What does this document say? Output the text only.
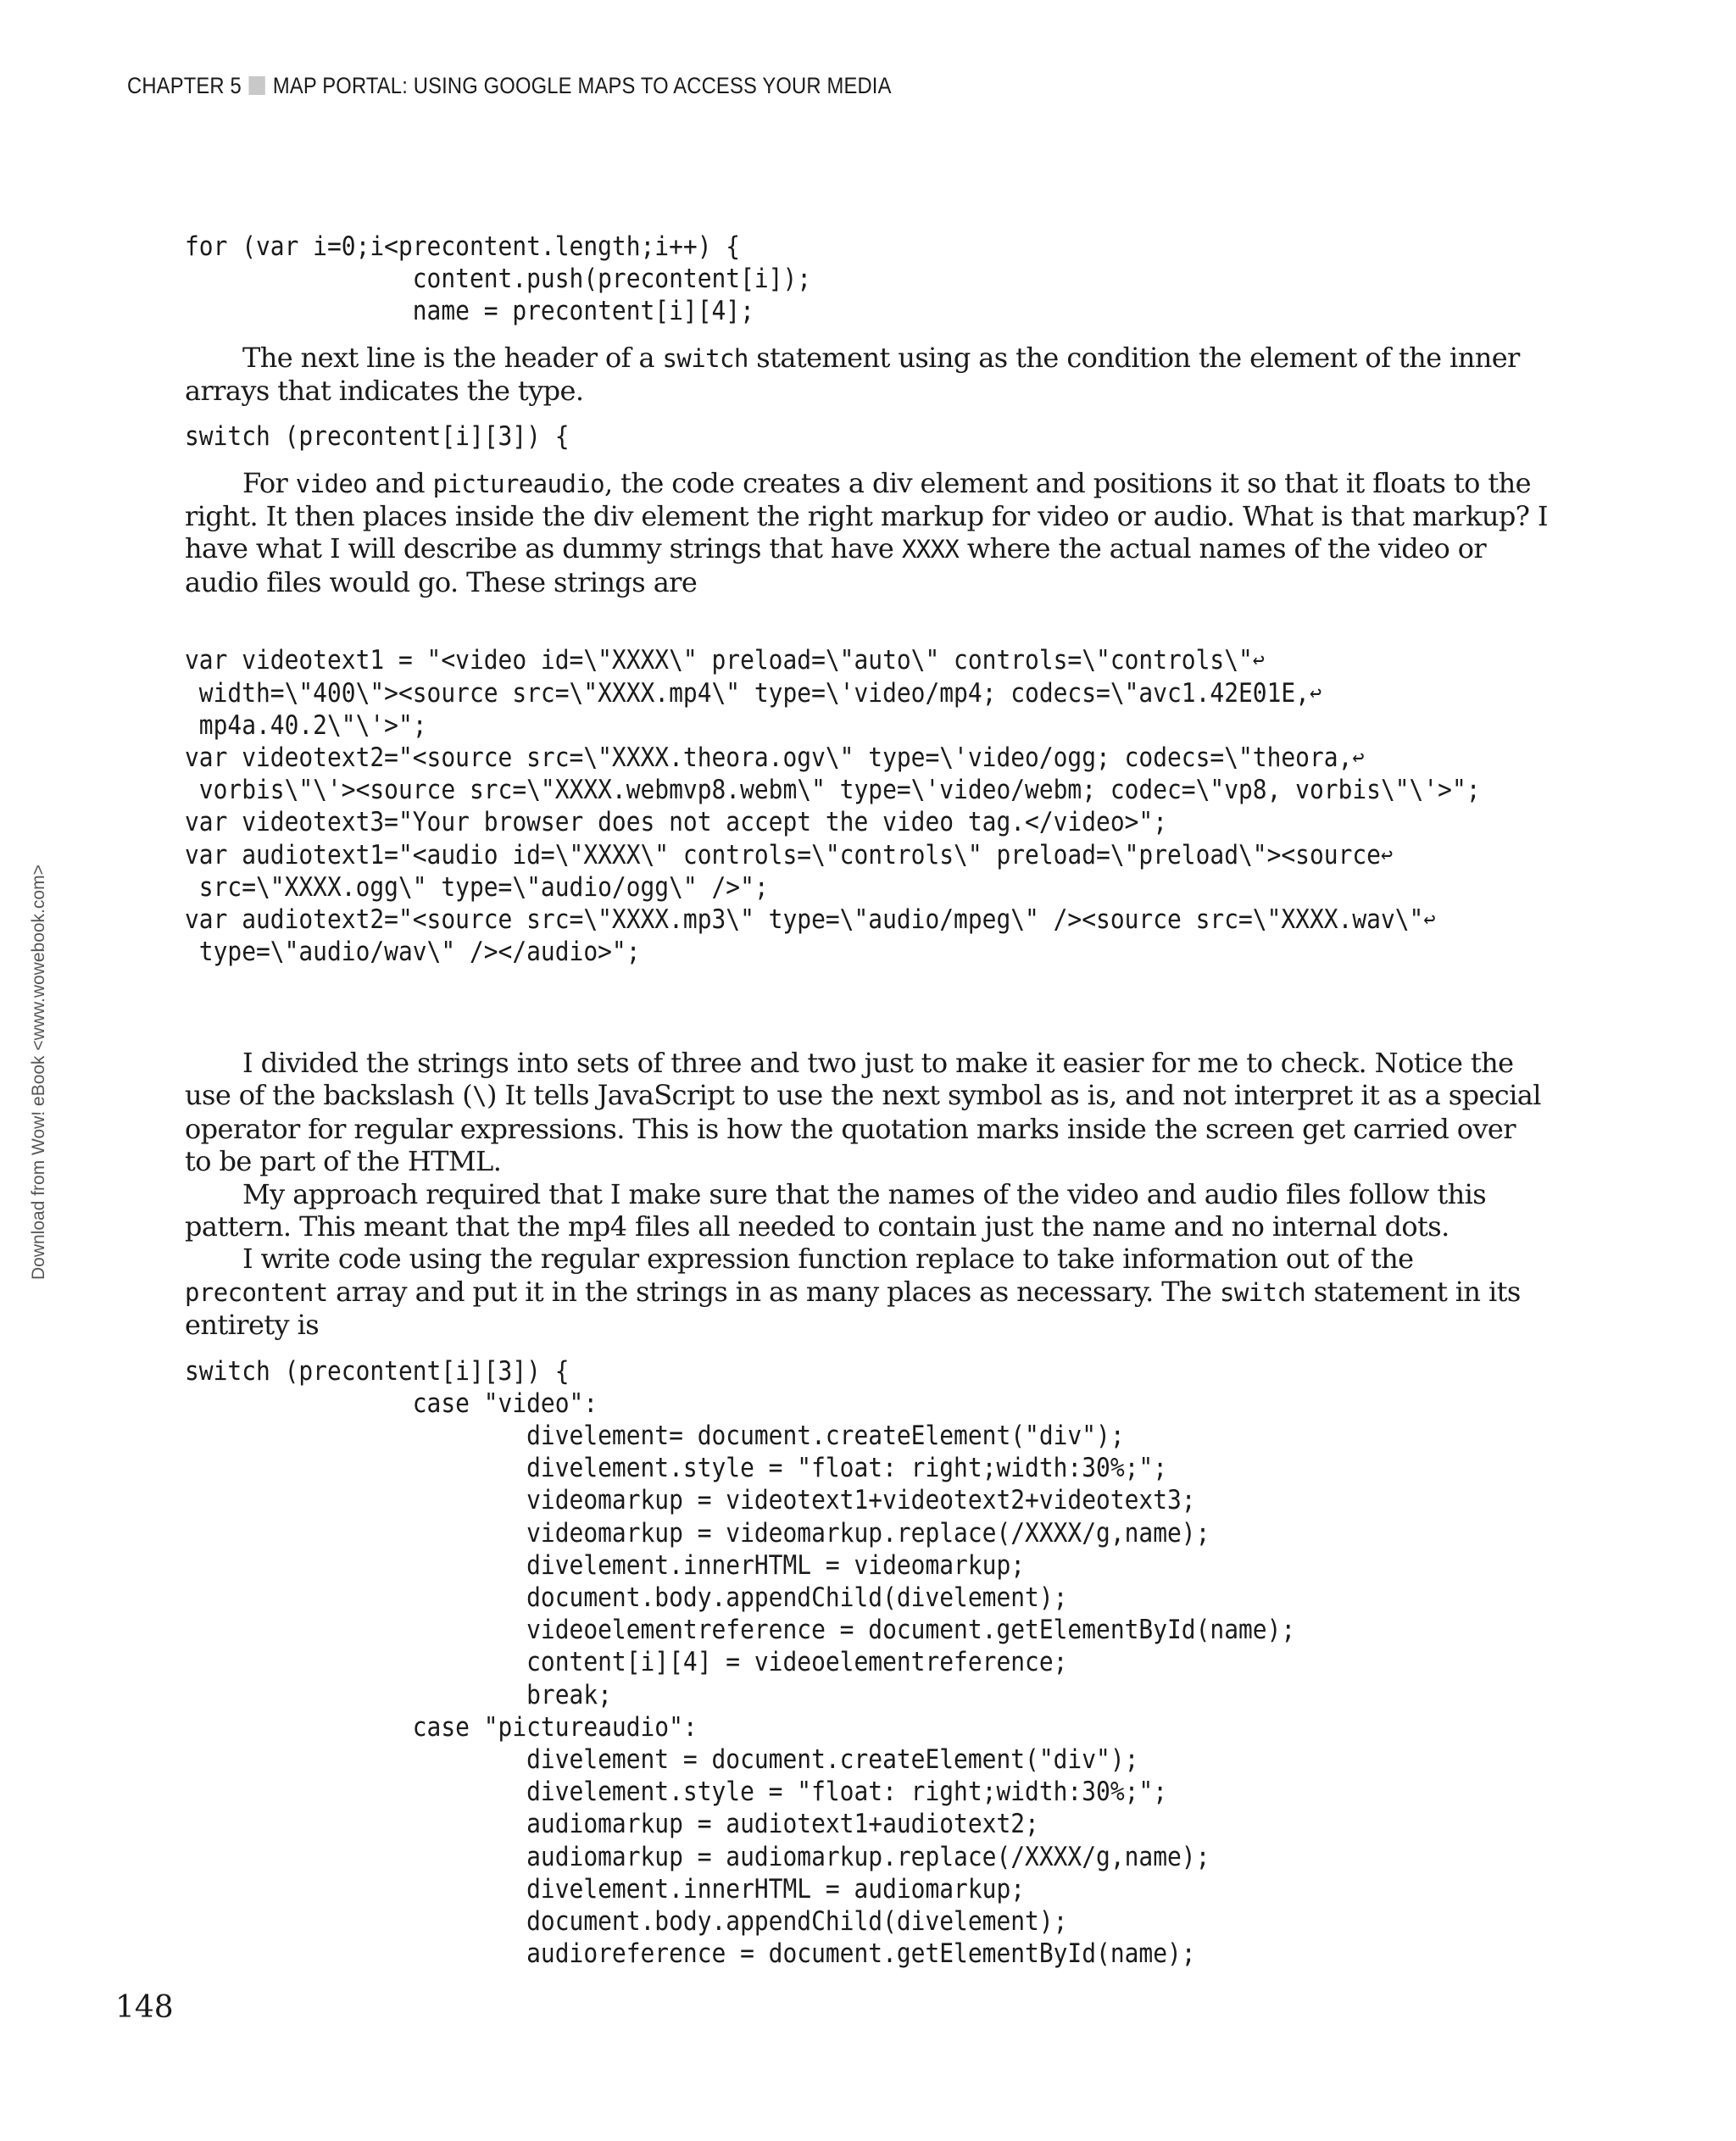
CHAPTER 5 MAP PORTAL: USING GOOGLE MAPS TO ACCESS YOUR MEDIA
Download from Wow! eBook <www.wowebook.com>
for (var i=0;i<precontent.length;i++) {
content.push(precontent[i]);
name = precontent[i][4];

The next line is the header of a switch statement using as the condition the element of the inner arrays that indicates the type.

switch (precontent[i][3]) {

For video and pictureaudio, the code creates a div element and positions it so that it floats to the right. It then places inside the div element the right markup for video or audio. What is that markup? I have what I will describe as dummy strings that have XXXX where the actual names of the video or audio files would go. These strings are

var videotext1 = "<video id=\"XXXX\" preload=\"auto\" controls=\"controls\"↩
width=\"400\"><source src=\"XXXX.mp4\" type=\'video/mp4; codecs=\"avc1.42E01E,↩
mp4a.40.2\"\'>";
var videotext2="<source src=\"XXXX.theora.ogv\" type=\'video/ogg; codecs=\"theora,↩
vorbis\"\'><source src=\"XXXX.webmvp8.webm\" type=\'video/webm; codec=\"vp8, vorbis\"\'>";
var videotext3="Your browser does not accept the video tag.</video>";
var audiotext1="<audio id=\"XXXX\" controls=\"controls\" preload=\"preload\"><source↩
src=\"XXXX.ogg\" type=\"audio/ogg\" />";
var audiotext2="<source src=\"XXXX.mp3\" type=\"audio/mpeg\" /><source src=\"XXXX.wav\"↩
type=\"audio/wav\" /></audio>";

I divided the strings into sets of three and two just to make it easier for me to check. Notice the use of the backslash (\) It tells JavaScript to use the next symbol as is, and not interpret it as a special operator for regular expressions. This is how the quotation marks inside the screen get carried over to be part of the HTML.

My approach required that I make sure that the names of the video and audio files follow this pattern. This meant that the mp4 files all needed to contain just the name and no internal dots.

I write code using the regular expression function replace to take information out of the precontent array and put it in the strings in as many places as necessary. The switch statement in its entirety is

switch (precontent[i][3]) {
case "video":
divelement= document.createElement("div");
divelement.style = "float: right;width:30%;";
videomarkup = videotext1+videotext2+videotext3;
videomarkup = videomarkup.replace(/XXXX/g,name);
divelement.innerHTML = videomarkup;
document.body.appendChild(divelement);
videoelementreference = document.getElementById(name);
content[i][4] = videoelementreference;
break;
case "pictureaudio":
divelement = document.createElement("div");
divelement.style = "float: right;width:30%;";
audiomarkup = audiotext1+audiotext2;
audiomarkup = audiomarkup.replace(/XXXX/g,name);
divelement.innerHTML = audiomarkup;
document.body.appendChild(divelement);
audioreference = document.getElementById(name);
148
